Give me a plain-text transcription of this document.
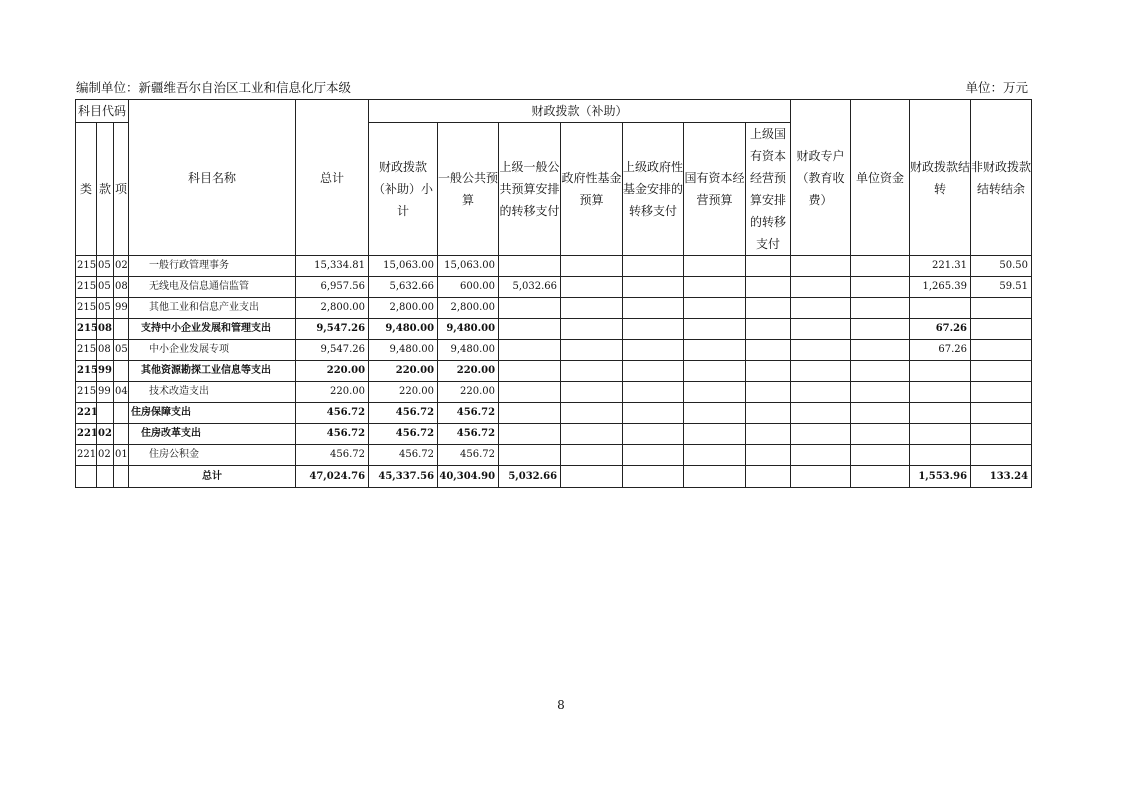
编制单位：新疆维吾尔自治区工业和信息化厅本级	单位：万元
科目代码			科目名称	总计	财政拨款（补助）							财政专户（教育收费）	单位资金	财政拨款结转	非财政拨款结转结余
类	款	项			财政拨款（补助）小计	一般公共预算	上级一般公共预算安排的转移支付	政府性基金预算	上级政府性基金安排的转移支付	国有资本经营预算	上级国有资本经营预算安排的转移支付				
215	05	02	一般行政管理事务	15,334.81	15,063.00	15,063.00								221.31	50.50
215	05	08	无线电及信息通信监管	6,957.56	5,632.66	600.00	5,032.66							1,265.39	59.51
215	05	99	其他工业和信息产业支出	2,800.00	2,800.00	2,800.00									
215	08		支持中小企业发展和管理支出	9,547.26	9,480.00	9,480.00								67.26	
215	08	05	中小企业发展专项	9,547.26	9,480.00	9,480.00								67.26	
215	99		其他资源勘探工业信息等支出	220.00	220.00	220.00									
215	99	04	技术改造支出	220.00	220.00	220.00									
221			住房保障支出	456.72	456.72	456.72									
221	02		住房改革支出	456.72	456.72	456.72									
221	02	01	住房公积金	456.72	456.72	456.72									
			总计	47,024.76	45,337.56	40,304.90	5,032.66							1,553.96	133.24
8
